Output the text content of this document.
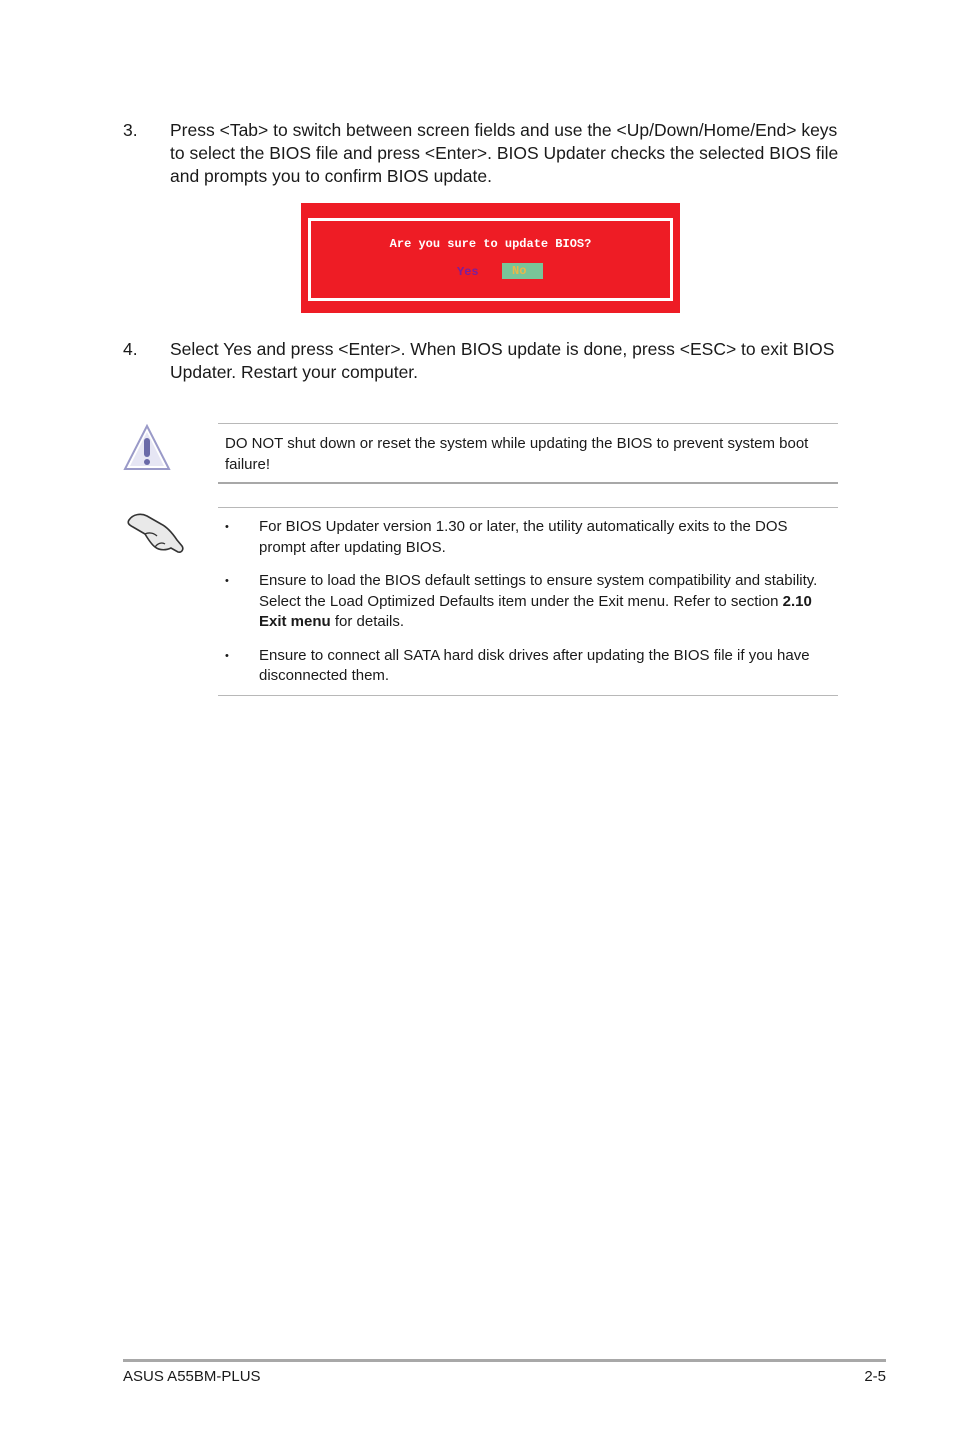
3. Press <Tab> to switch between screen fields and use the <Up/Down/Home/End> keys to select the BIOS file and press <Enter>. BIOS Updater checks the selected BIOS file and prompts you to confirm BIOS update.
Are you sure to update BIOS?
Yes	No
4. Select Yes and press <Enter>. When BIOS update is done, press <ESC> to exit BIOS Updater. Restart your computer.
DO NOT shut down or reset the system while updating the BIOS to prevent system boot failure!
• For BIOS Updater version 1.30 or later, the utility automatically exits to the DOS prompt after updating BIOS.
• Ensure to load the BIOS default settings to ensure system compatibility and stability. Select the Load Optimized Defaults item under the Exit menu. Refer to section 2.10 Exit menu for details.
• Ensure to connect all SATA hard disk drives after updating the BIOS file if you have disconnected them.
ASUS A55BM-PLUS	2-5
